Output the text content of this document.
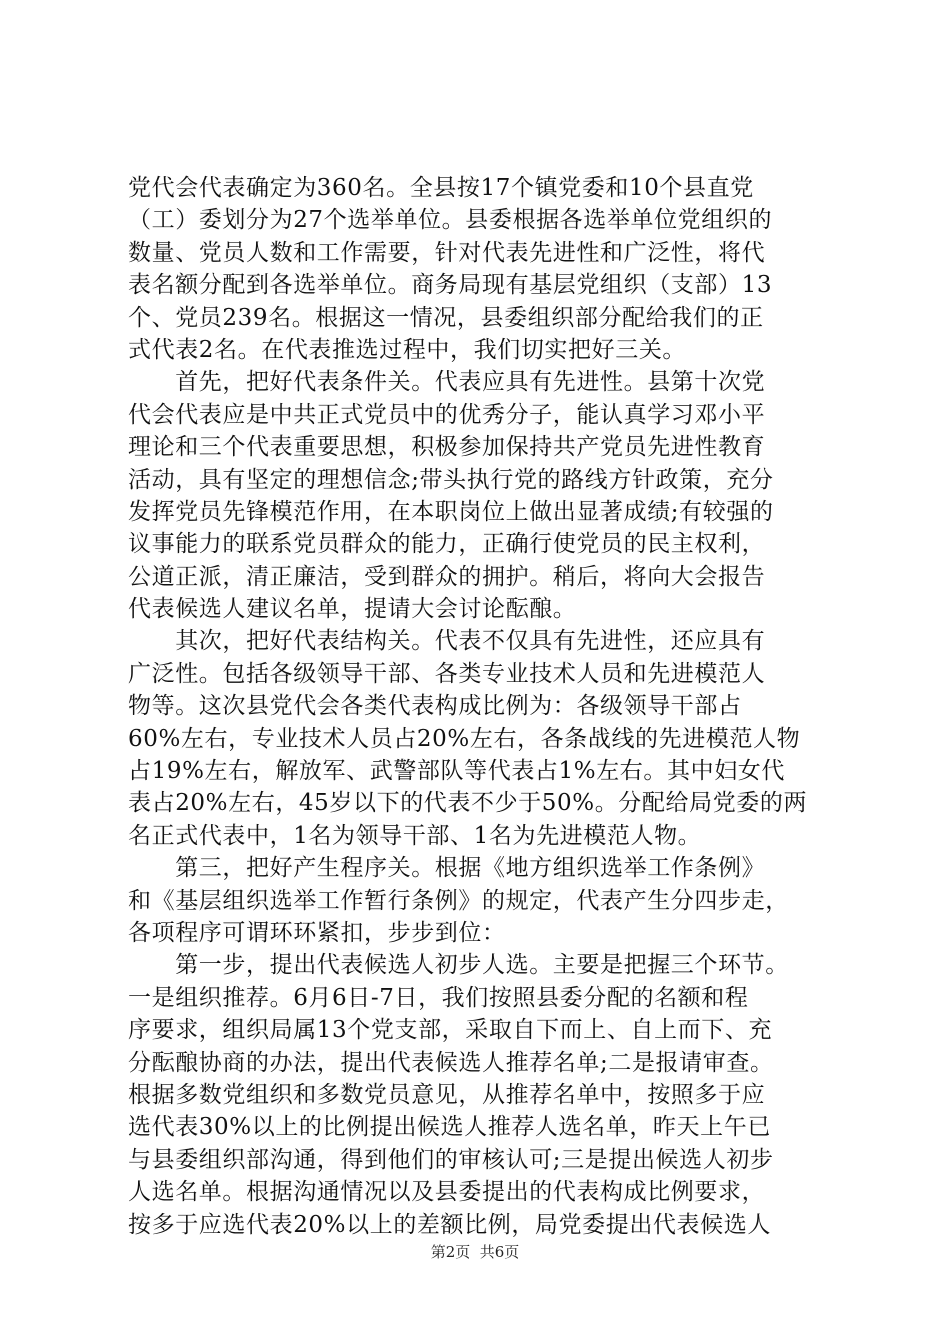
党代会代表确定为360名。全县按17个镇党委和10个县直党
（工）委划分为27个选举单位。县委根据各选举单位党组织的
数量、党员人数和工作需要，针对代表先进性和广泛性，将代
表名额分配到各选举单位。商务局现有基层党组织（支部）13
个、党员239名。根据这一情况，县委组织部分配给我们的正
式代表2名。在代表推选过程中，我们切实把好三关。
　　首先，把好代表条件关。代表应具有先进性。县第十次党
代会代表应是中共正式党员中的优秀分子，能认真学习邓小平
理论和三个代表重要思想，积极参加保持共产党员先进性教育
活动，具有坚定的理想信念;带头执行党的路线方针政策，充分
发挥党员先锋模范作用，在本职岗位上做出显著成绩;有较强的
议事能力的联系党员群众的能力，正确行使党员的民主权利，
公道正派，清正廉洁，受到群众的拥护。稍后，将向大会报告
代表候选人建议名单，提请大会讨论酝酿。
　　其次，把好代表结构关。代表不仅具有先进性，还应具有
广泛性。包括各级领导干部、各类专业技术人员和先进模范人
物等。这次县党代会各类代表构成比例为：各级领导干部占
60%左右，专业技术人员占20%左右，各条战线的先进模范人物
占19%左右，解放军、武警部队等代表占1%左右。其中妇女代
表占20%左右，45岁以下的代表不少于50%。分配给局党委的两
名正式代表中，1名为领导干部、1名为先进模范人物。
　　第三，把好产生程序关。根据《地方组织选举工作条例》
和《基层组织选举工作暂行条例》的规定，代表产生分四步走，
各项程序可谓环环紧扣，步步到位：
　　第一步，提出代表候选人初步人选。主要是把握三个环节。
一是组织推荐。6月6日-7日，我们按照县委分配的名额和程
序要求，组织局属13个党支部，采取自下而上、自上而下、充
分酝酿协商的办法，提出代表候选人推荐名单;二是报请审查。
根据多数党组织和多数党员意见，从推荐名单中，按照多于应
选代表30%以上的比例提出候选人推荐人选名单，昨天上午已
与县委组织部沟通，得到他们的审核认可;三是提出候选人初步
人选名单。根据沟通情况以及县委提出的代表构成比例要求，
按多于应选代表20%以上的差额比例，局党委提出代表候选人
第2页  共6页
